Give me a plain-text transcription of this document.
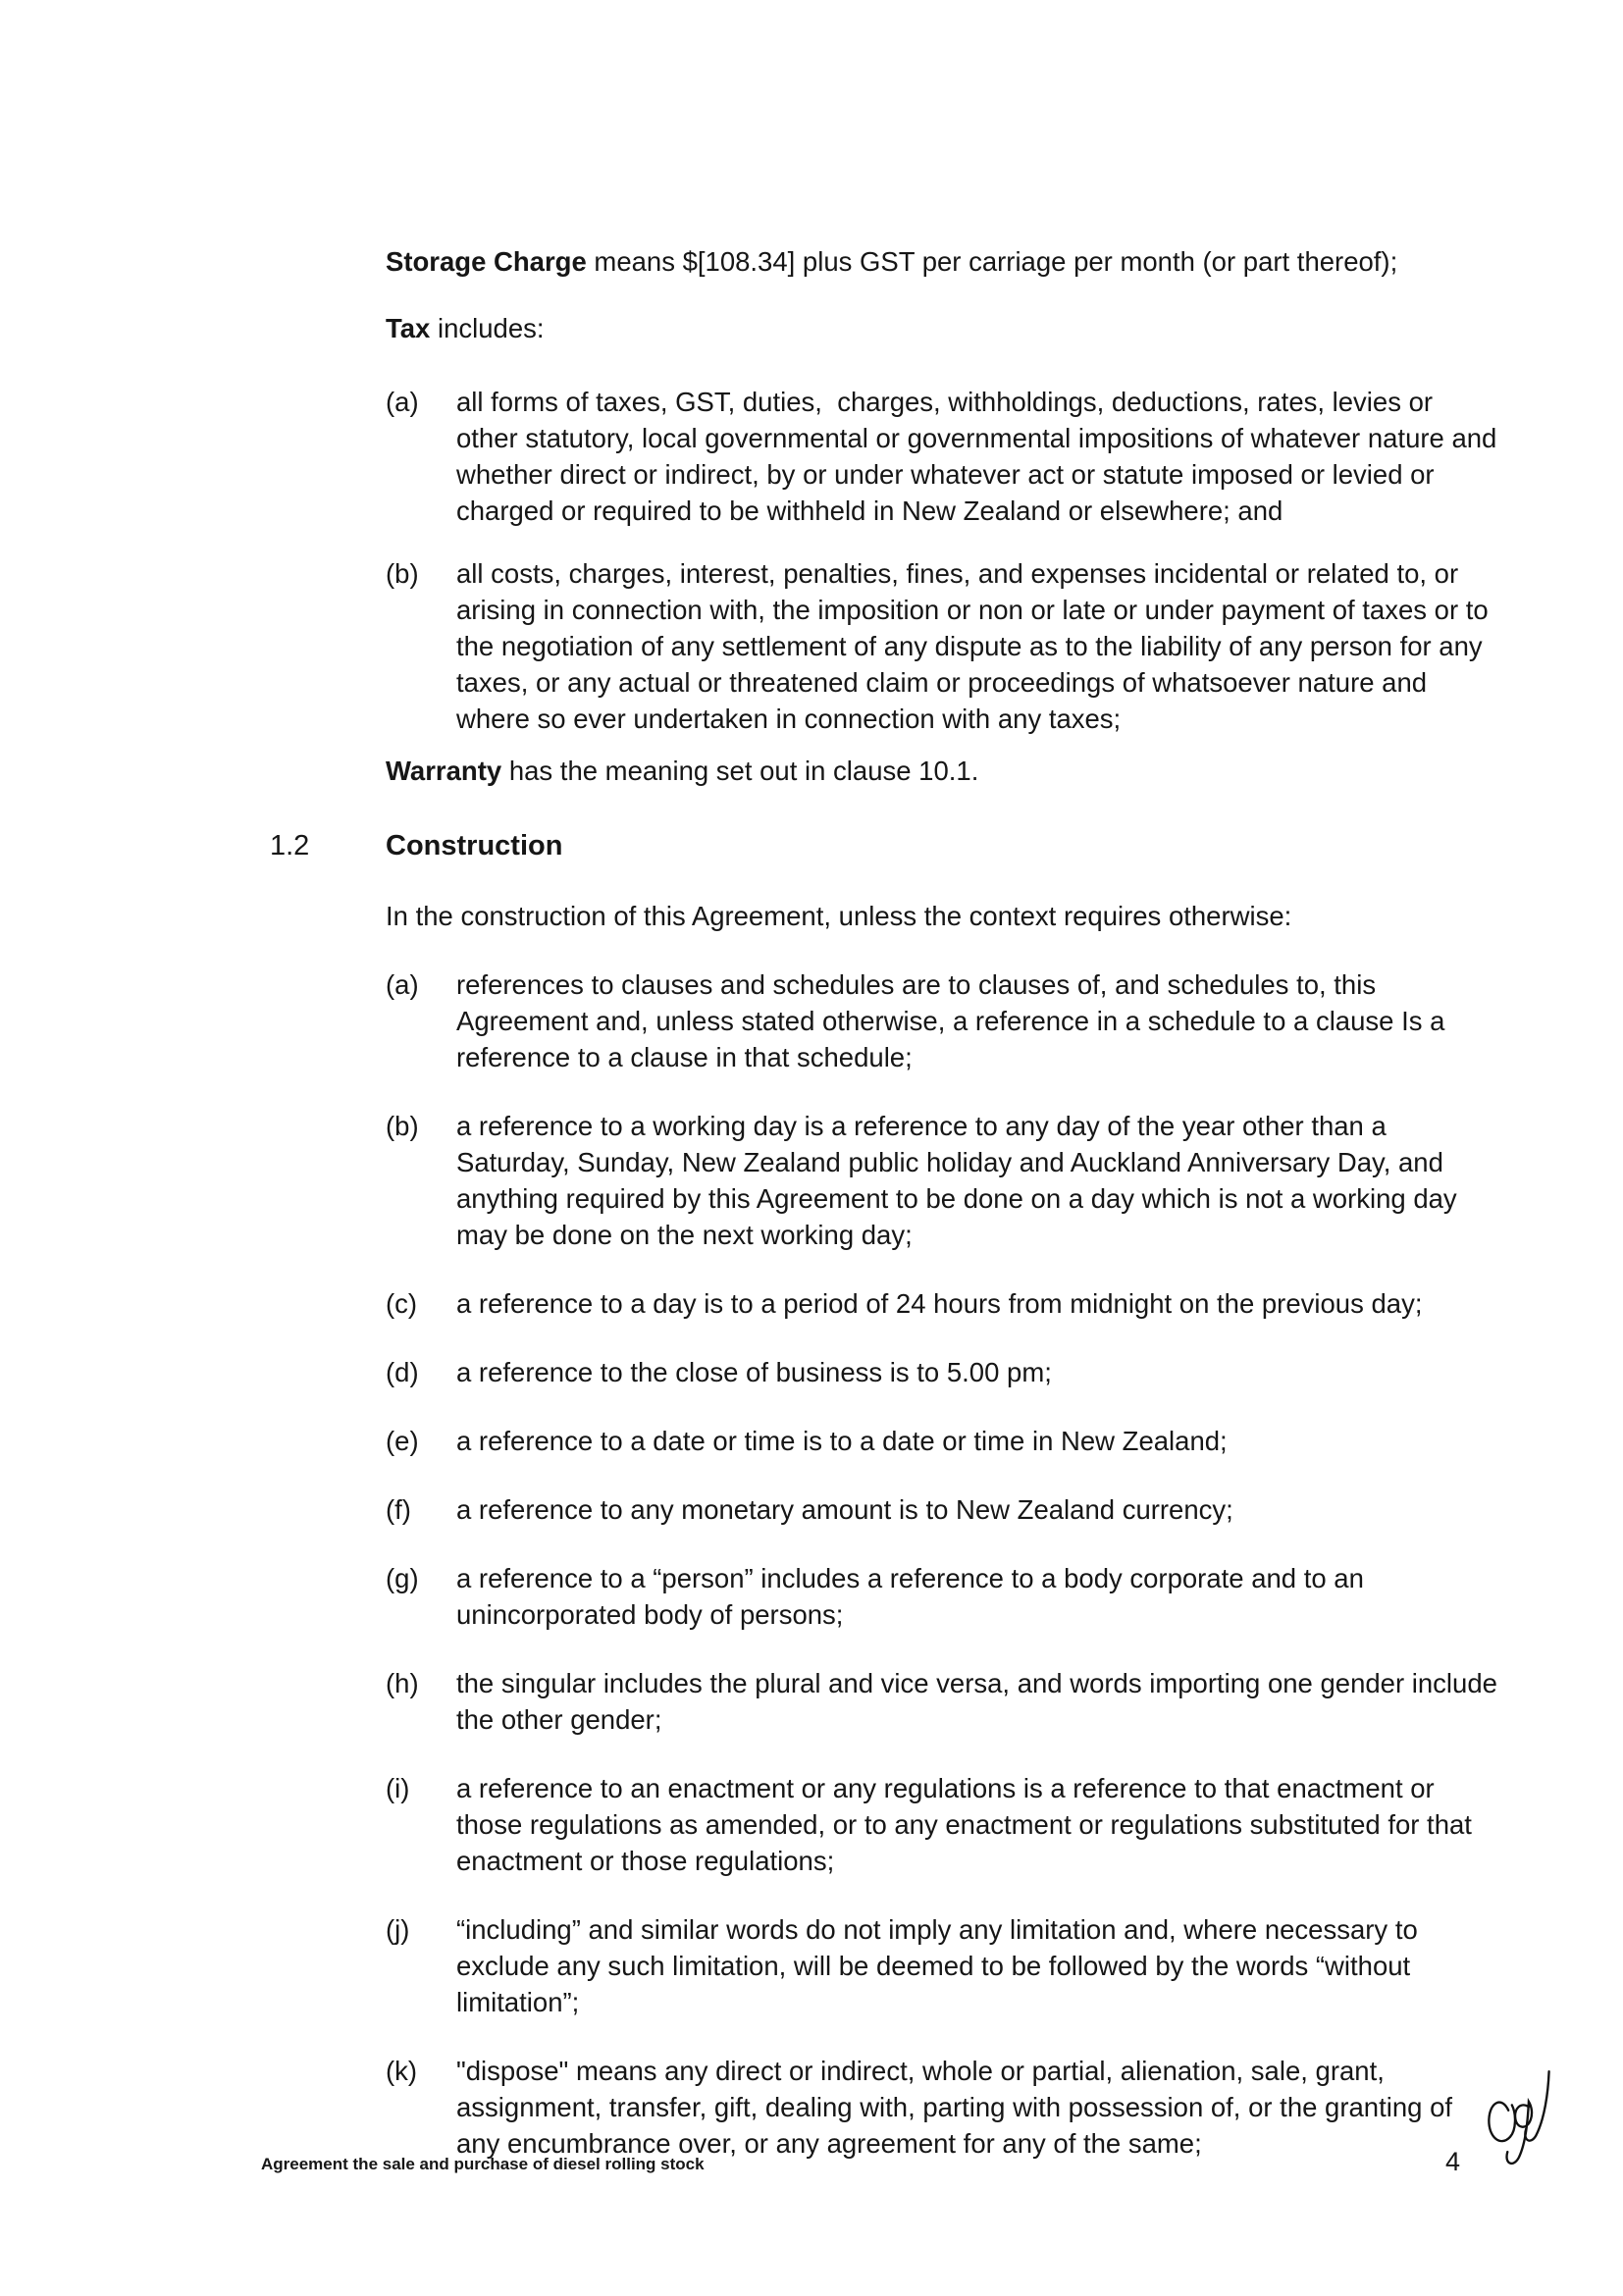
Storage Charge means $[108.34] plus GST per carriage per month (or part thereof);

Tax includes:

(a)	all forms of taxes, GST, duties,  charges, withholdings, deductions, rates, levies or other statutory, local governmental or governmental impositions of whatever nature and whether direct or indirect, by or under whatever act or statute imposed or levied or charged or required to be withheld in New Zealand or elsewhere; and
(b)	all costs, charges, interest, penalties, fines, and expenses incidental or related to, or arising in connection with, the imposition or non or late or under payment of taxes or to the negotiation of any settlement of any dispute as to the liability of any person for any taxes, or any actual or threatened claim or proceedings of whatsoever nature and where so ever undertaken in connection with any taxes;

Warranty has the meaning set out in clause 10.1.

1.2	Construction

In the construction of this Agreement, unless the context requires otherwise:

(a)	references to clauses and schedules are to clauses of, and schedules to, this Agreement and, unless stated otherwise, a reference in a schedule to a clause Is a reference to a clause in that schedule;
(b)	a reference to a working day is a reference to any day of the year other than a Saturday, Sunday, New Zealand public holiday and Auckland Anniversary Day, and anything required by this Agreement to be done on a day which is not a working day may be done on the next working day;
(c)	a reference to a day is to a period of 24 hours from midnight on the previous day;
(d)	a reference to the close of business is to 5.00 pm;
(e)	a reference to a date or time is to a date or time in New Zealand;
(f)	a reference to any monetary amount is to New Zealand currency;
(g)	a reference to a “person” includes a reference to a body corporate and to an unincorporated body of persons;
(h)	the singular includes the plural and vice versa, and words importing one gender include the other gender;
(i)	a reference to an enactment or any regulations is a reference to that enactment or those regulations as amended, or to any enactment or regulations substituted for that enactment or those regulations;
(j)	“including” and similar words do not imply any limitation and, where necessary to exclude any such limitation, will be deemed to be followed by the words “without limitation”;
(k)	"dispose" means any direct or indirect, whole or partial, alienation, sale, grant, assignment, transfer, gift, dealing with, parting with possession of, or the granting of any encumbrance over, or any agreement for any of the same;
Agreement the sale and purchase of diesel rolling stock	4
